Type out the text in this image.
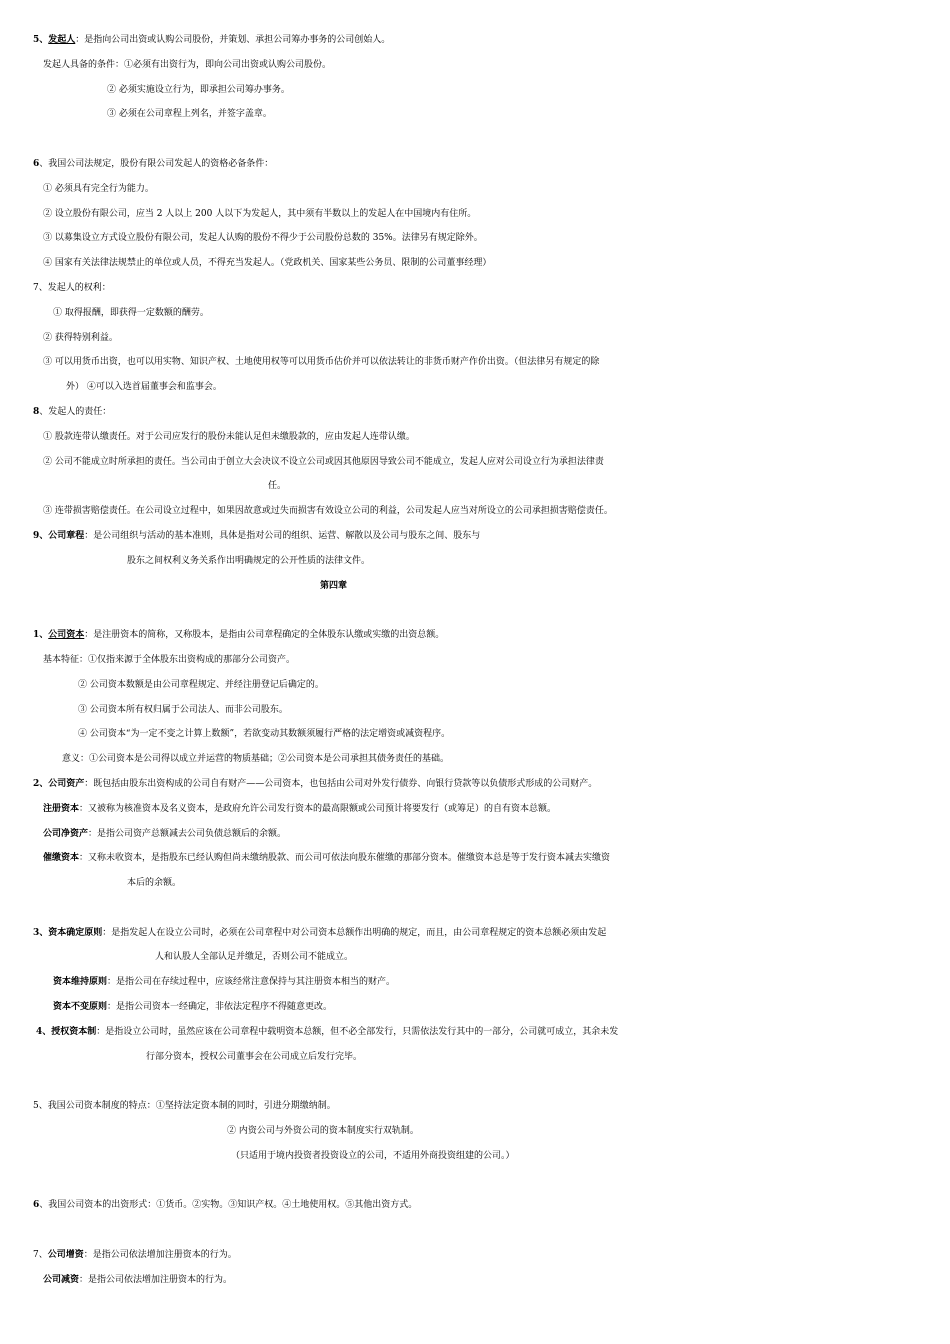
5、发起人：是指向公司出资或认购公司股份，并策划、承担公司筹办事务的公司创始人。
发起人具备的条件：①必须有出资行为，即向公司出资或认购公司股份。
② 必须实施设立行为，即承担公司筹办事务。
③ 必须在公司章程上列名，并签字盖章。
6、我国公司法规定，股份有限公司发起人的资格必备条件：
① 必须具有完全行为能力。
② 设立股份有限公司，应当 2 人以上 200 人以下为发起人，其中须有半数以上的发起人在中国境内有住所。
③ 以募集设立方式设立股份有限公司，发起人认购的股份不得少于公司股份总数的 35%。法律另有规定除外。
④ 国家有关法律法规禁止的单位或人员，不得充当发起人。（党政机关、国家某些公务员、限制的公司董事经理）
7、发起人的权利：
① 取得报酬，即获得一定数额的酬劳。
② 获得特别利益。
③ 可以用货币出资，也可以用实物、知识产权、土地使用权等可以用货币估价并可以依法转让的非货币财产作价出资。（但法律另有规定的除
外） ④可以入选首届董事会和监事会。
8、发起人的责任：
① 股款连带认缴责任。对于公司应发行的股份未能认足但未缴股款的，应由发起人连带认缴。
② 公司不能成立时所承担的责任。当公司由于创立大会决议不设立公司或因其他原因导致公司不能成立，发起人应对公司设立行为承担法律责
任。
③ 连带损害赔偿责任。在公司设立过程中，如果因故意或过失而损害有效设立公司的利益，公司发起人应当对所设立的公司承担损害赔偿责任。
9、公司章程：是公司组织与活动的基本准则，具体是指对公司的组织、运营、解散以及公司与股东之间、股东与
股东之间权利义务关系作出明确规定的公开性质的法律文件。
第四章
1、公司资本：是注册资本的简称，又称股本，是指由公司章程确定的全体股东认缴或实缴的出资总额。
基本特征：①仅指来源于全体股东出资构成的那部分公司资产。
② 公司资本数额是由公司章程规定、并经注册登记后确定的。
③ 公司资本所有权归属于公司法人、而非公司股东。
④ 公司资本“为一定不变之计算上数额”，若欲变动其数额须履行严格的法定增资或减资程序。
意义：①公司资本是公司得以成立并运营的物质基础；②公司资本是公司承担其债务责任的基础。
2、公司资产：既包括由股东出资构成的公司自有财产——公司资本，也包括由公司对外发行债券、向银行贷款等以负债形式形成的公司财产。
注册资本：又被称为核准资本及名义资本，是政府允许公司发行资本的最高限额或公司预计将要发行（或筹足）的自有资本总额。
公司净资产：是指公司资产总额减去公司负债总额后的余额。
催缴资本：又称未收资本，是指股东已经认购但尚未缴纳股款、而公司可依法向股东催缴的那部分资本。催缴资本总是等于发行资本减去实缴资
本后的余额。
3、资本确定原则：是指发起人在设立公司时，必须在公司章程中对公司资本总额作出明确的规定，而且，由公司章程规定的资本总额必须由发起
人和认股人全部认足并缴足，否则公司不能成立。
资本维持原则：是指公司在存续过程中，应该经常注意保持与其注册资本相当的财产。
资本不变原则：是指公司资本一经确定，非依法定程序不得随意更改。
4、授权资本制：是指设立公司时，虽然应该在公司章程中载明资本总额，但不必全部发行，只需依法发行其中的一部分，公司就可成立，其余未发
行部分资本，授权公司董事会在公司成立后发行完毕。
5、我国公司资本制度的特点：①坚持法定资本制的同时，引进分期缴纳制。
② 内资公司与外资公司的资本制度实行双轨制。
（只适用于境内投资者投资设立的公司，不适用外商投资组建的公司。）
6、我国公司资本的出资形式：①货币。②实物。③知识产权。④土地使用权。⑤其他出资方式。
7、公司增资：是指公司依法增加注册资本的行为。
公司减资：是指公司依法增加注册资本的行为。
